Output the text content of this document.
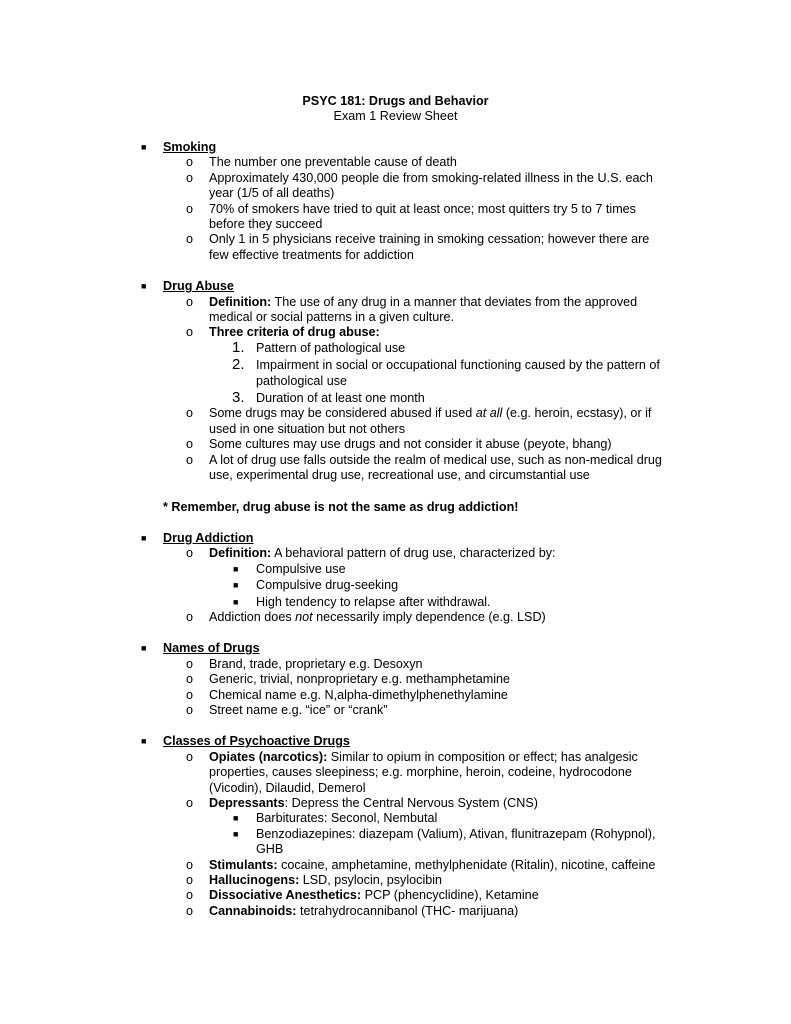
PSYC 181: Drugs and Behavior
Exam 1 Review Sheet
■ Smoking
o The number one preventable cause of death
o Approximately 430,000 people die from smoking-related illness in the U.S. each year (1/5 of all deaths)
o 70% of smokers have tried to quit at least once; most quitters try 5 to 7 times before they succeed
o Only 1 in 5 physicians receive training in smoking cessation; however there are few effective treatments for addiction
■ Drug Abuse
o Definition: The use of any drug in a manner that deviates from the approved medical or social patterns in a given culture.
o Three criteria of drug abuse:
1. Pattern of pathological use
2. Impairment in social or occupational functioning caused by the pattern of pathological use
3. Duration of at least one month
o Some drugs may be considered abused if used at all (e.g. heroin, ecstasy), or if used in one situation but not others
o Some cultures may use drugs and not consider it abuse (peyote, bhang)
o A lot of drug use falls outside the realm of medical use, such as non-medical drug use, experimental drug use, recreational use, and circumstantial use
* Remember, drug abuse is not the same as drug addiction!
■ Drug Addiction
o Definition: A behavioral pattern of drug use, characterized by:
■ Compulsive use
■ Compulsive drug-seeking
■ High tendency to relapse after withdrawal.
o Addiction does not necessarily imply dependence (e.g. LSD)
■ Names of Drugs
o Brand, trade, proprietary e.g. Desoxyn
o Generic, trivial, nonproprietary e.g. methamphetamine
o Chemical name e.g. N,alpha-dimethylphenethylamine
o Street name e.g. “ice” or “crank”
■ Classes of Psychoactive Drugs
o Opiates (narcotics): Similar to opium in composition or effect; has analgesic properties, causes sleepiness; e.g. morphine, heroin, codeine, hydrocodone (Vicodin), Dilaudid, Demerol
o Depressants: Depress the Central Nervous System (CNS)
■ Barbiturates: Seconol, Nembutal
■ Benzodiazepines: diazepam (Valium), Ativan, flunitrazepam (Rohypnol), GHB
o Stimulants: cocaine, amphetamine, methylphenidate (Ritalin), nicotine, caffeine
o Hallucinogens: LSD, psylocin, psylocibin
o Dissociative Anesthetics: PCP (phencyclidine), Ketamine
o Cannabinoids: tetrahydrocannibanol (THC- marijuana)
